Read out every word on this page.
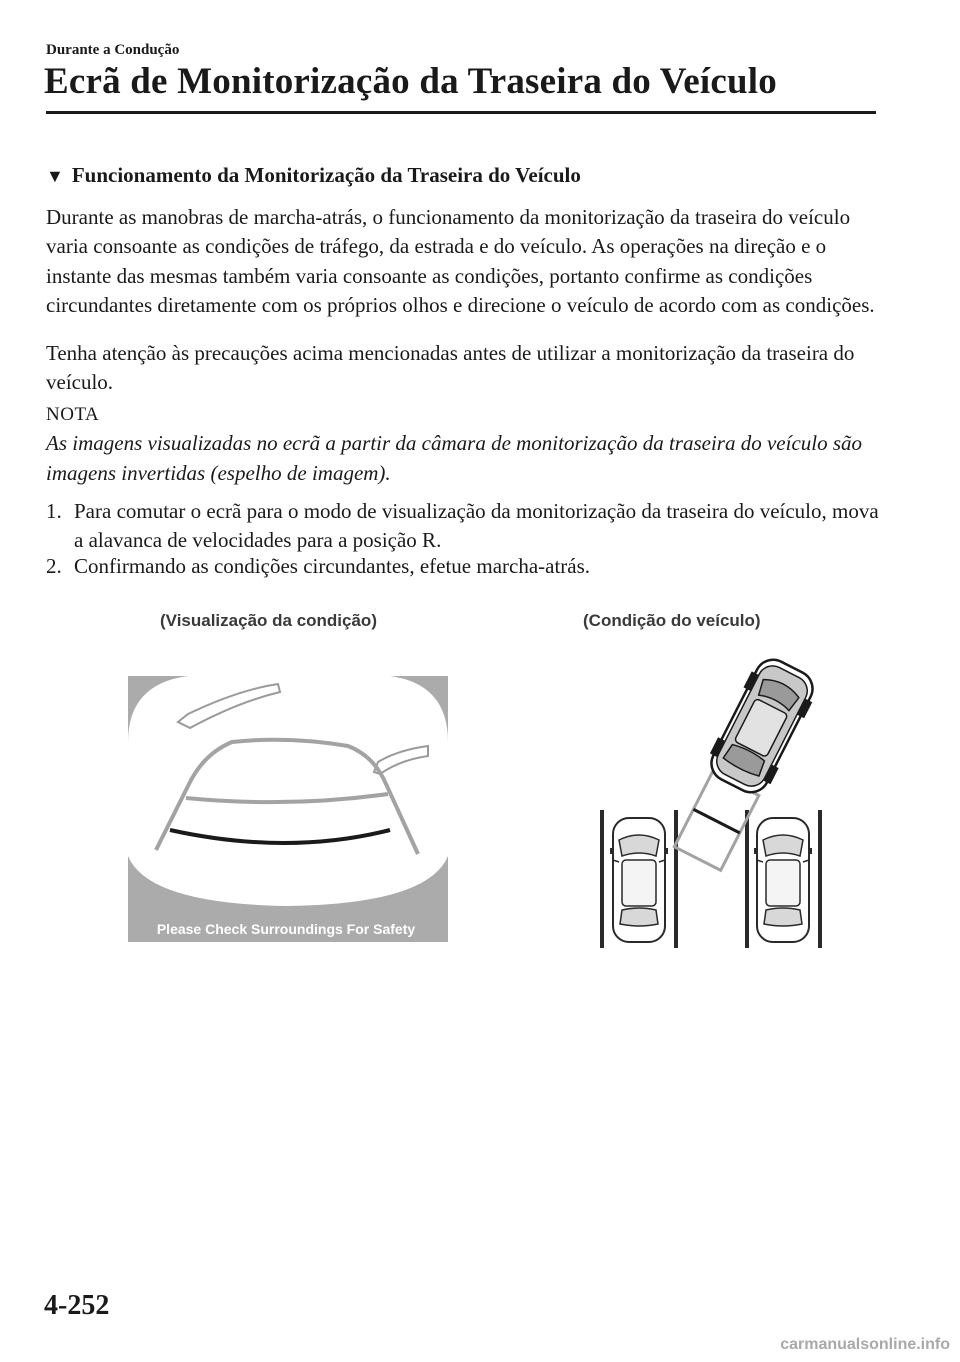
Durante a Condução
Ecrã de Monitorização da Traseira do Veículo
▼ Funcionamento da Monitorização da Traseira do Veículo
Durante as manobras de marcha-atrás, o funcionamento da monitorização da traseira do veículo varia consoante as condições de tráfego, da estrada e do veículo. As operações na direção e o instante das mesmas também varia consoante as condições, portanto confirme as condições circundantes diretamente com os próprios olhos e direcione o veículo de acordo com as condições.
Tenha atenção às precauções acima mencionadas antes de utilizar a monitorização da traseira do veículo.
NOTA
As imagens visualizadas no ecrã a partir da câmara de monitorização da traseira do veículo são imagens invertidas (espelho de imagem).
1. Para comutar o ecrã para o modo de visualização da monitorização da traseira do veículo, mova a alavanca de velocidades para a posição R.
2. Confirmando as condições circundantes, efetue marcha-atrás.
(Visualização da condição)	(Condição do veículo)
Please Check Surroundings For Safety
4-252
carmanualsonline.info
